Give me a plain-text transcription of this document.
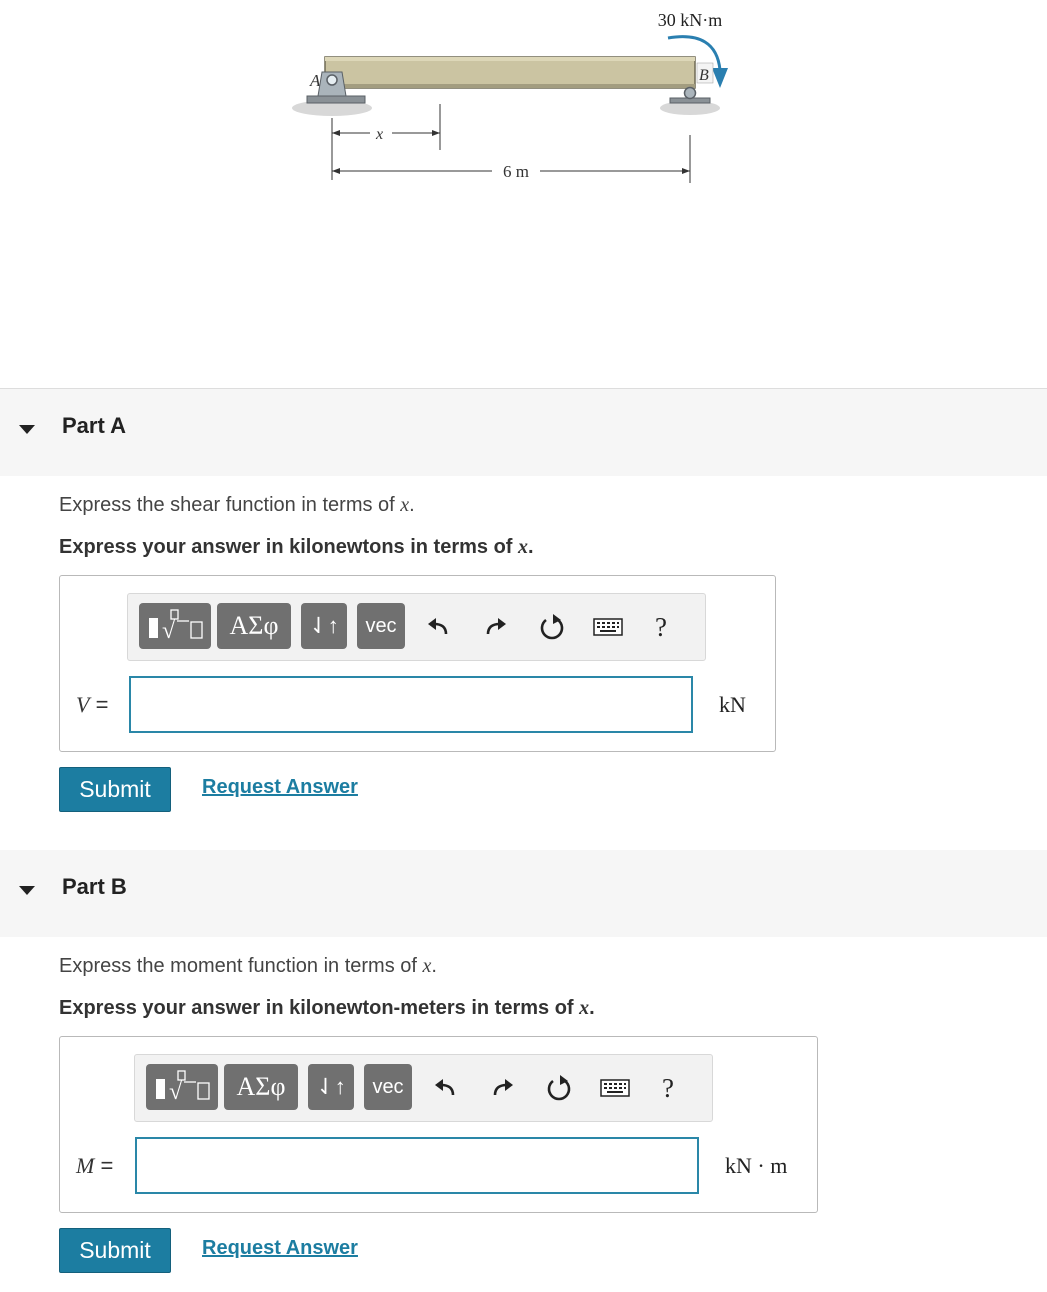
30 kN·m
A	B
x
6 m
Part A
Express the shear function in terms of x.
Express your answer in kilonewtons in terms of x.
√	ΑΣφ	⇃↑	vec	?
V =	kN
Submit	Request Answer
Part B
Express the moment function in terms of x.
Express your answer in kilonewton-meters in terms of x.
√	ΑΣφ	⇃↑	vec	?
M =	kN · m
Submit	Request Answer
